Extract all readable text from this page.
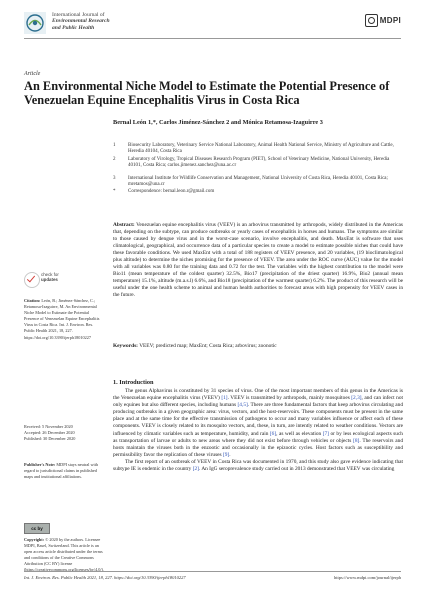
International Journal of
Environmental Research
and Public Health
MDPI
Article
An Environmental Niche Model to Estimate the Potential Presence of Venezuelan Equine Encephalitis Virus in Costa Rica
Bernal León 1,*, Carlos Jiménez-Sánchez 2 and Mónica Retamosa-Izaguirre 3
1	Biosecurity Laboratory, Veterinary Service National Laboratory, Animal Health National Service, Ministry of Agriculture and Cattle, Heredia 40104, Costa Rica
2	Laboratory of Virology, Tropical Diseases Research Program (PIET), School of Veterinary Medicine, National University, Heredia 40101, Costa Rica; carlos.jimenez.sanchez@una.ac.cr
3	International Institute for Wildlife Conservation and Management, National University of Costa Rica, Heredia 40101, Costa Rica; mretamos@una.cr
*	Correspondence: bernal.leon.r@gmail.com
Abstract: Venezuelan equine encephalitis virus (VEEV) is an arbovirus transmitted by arthropods, widely distributed in the Americas that, depending on the subtype, can produce outbreaks or yearly cases of encephalitis in horses and humans. The symptoms are similar to those caused by dengue virus and in the worst-case scenario, involve encephalitis, and death. MaxEnt is software that uses climatological, geographical, and occurrence data of a particular species to create a model to estimate possible niches that could have these favorable conditions. We used MaxEnt with a total of 188 registers of VEEV presence, and 20 variables, (19 bioclimatological plus altitude) to determine the niches promising for the presence of VEEV. The area under the ROC curve (AUC) value for the model with all variables was 0.80 for the training data and 0.72 for the test. The variables with the highest contribution to the model were Bio11 (mean temperature of the coldest quarter) 32.5%, Bio17 (precipitation of the driest quarter) 16.9%, Bio2 (annual mean temperature) 15.1%, altitude (m.a.s.l) 6.6%, and Bio18 (precipitation of the warmest quarter) 6.2%. The product of this research will be useful under the one health scheme to animal and human health authorities to forecast areas with high propensity for VEEV cases in the future.
Keywords: VEEV; predicted map; MaxEnt; Costa Rica; arbovirus; zoonotic
check for
updates
Citation: León, B.; Jiménez-Sánchez, C.; Retamosa-Izaguirre, M. An Environmental Niche Model to Estimate the Potential Presence of Venezuelan Equine Encephalitis Virus in Costa Rica. Int. J. Environ. Res. Public Health 2021, 18, 227. https://doi.org/10.3390/ijerph18010227
Received: 5 November 2020
Accepted: 26 December 2020
Published: 30 December 2020
Publisher's Note: MDPI stays neutral with regard to jurisdictional claims in published maps and institutional affiliations.
cc by
Copyright: © 2020 by the authors. Licensee MDPI, Basel, Switzerland. This article is an open access article distributed under the terms and conditions of the Creative Commons Attribution (CC BY) license (https://creativecommons.org/licenses/by/4.0/).
1. Introduction

The genus Alphavirus is constituted by 31 species of virus. One of the most important members of this genus in the Americas is the Venezuelan equine encephalitis virus (VEEV) [1]. VEEV is transmitted by arthropods, mainly mosquitoes [2,3], and can infect not only equines but also different species, including humans [4,5]. There are three fundamental factors that keep arbovirus circulating and producing outbreaks in a given geographic area: virus, vectors, and the host-reservoirs. These components must be present in the same place and at the same time for the effective transmission of pathogens to occur and many variables influence or affect each of these components. VEEV is closely related to its mosquito vectors, and, these, in turn, are intently related to weather conditions. Vectors are influenced by climatic variables such as temperature, humidity, and rain [6], as well as elevation [7] or by less ecological aspects such as transportation of larvae or adults to new areas where they did not exist before through vehicles or objects [8]. The reservoirs and hosts maintain the viruses both in the enzootic and occasionally in the epizootic cycles. Host factors such as susceptibility and permissibility favor the replication of these viruses [9].

The first report of an outbreak of VEEV in Costa Rica was documented in 1970, and this study also gave evidence indicating that subtype IE is endemic in the country [2]. An IgG seroprevalence study carried out in 2013 demonstrated that VEEV was circulating

Int. J. Environ. Res. Public Health 2021, 18, 227. https://doi.org/10.3390/ijerph18010227	https://www.mdpi.com/journal/ijerph
